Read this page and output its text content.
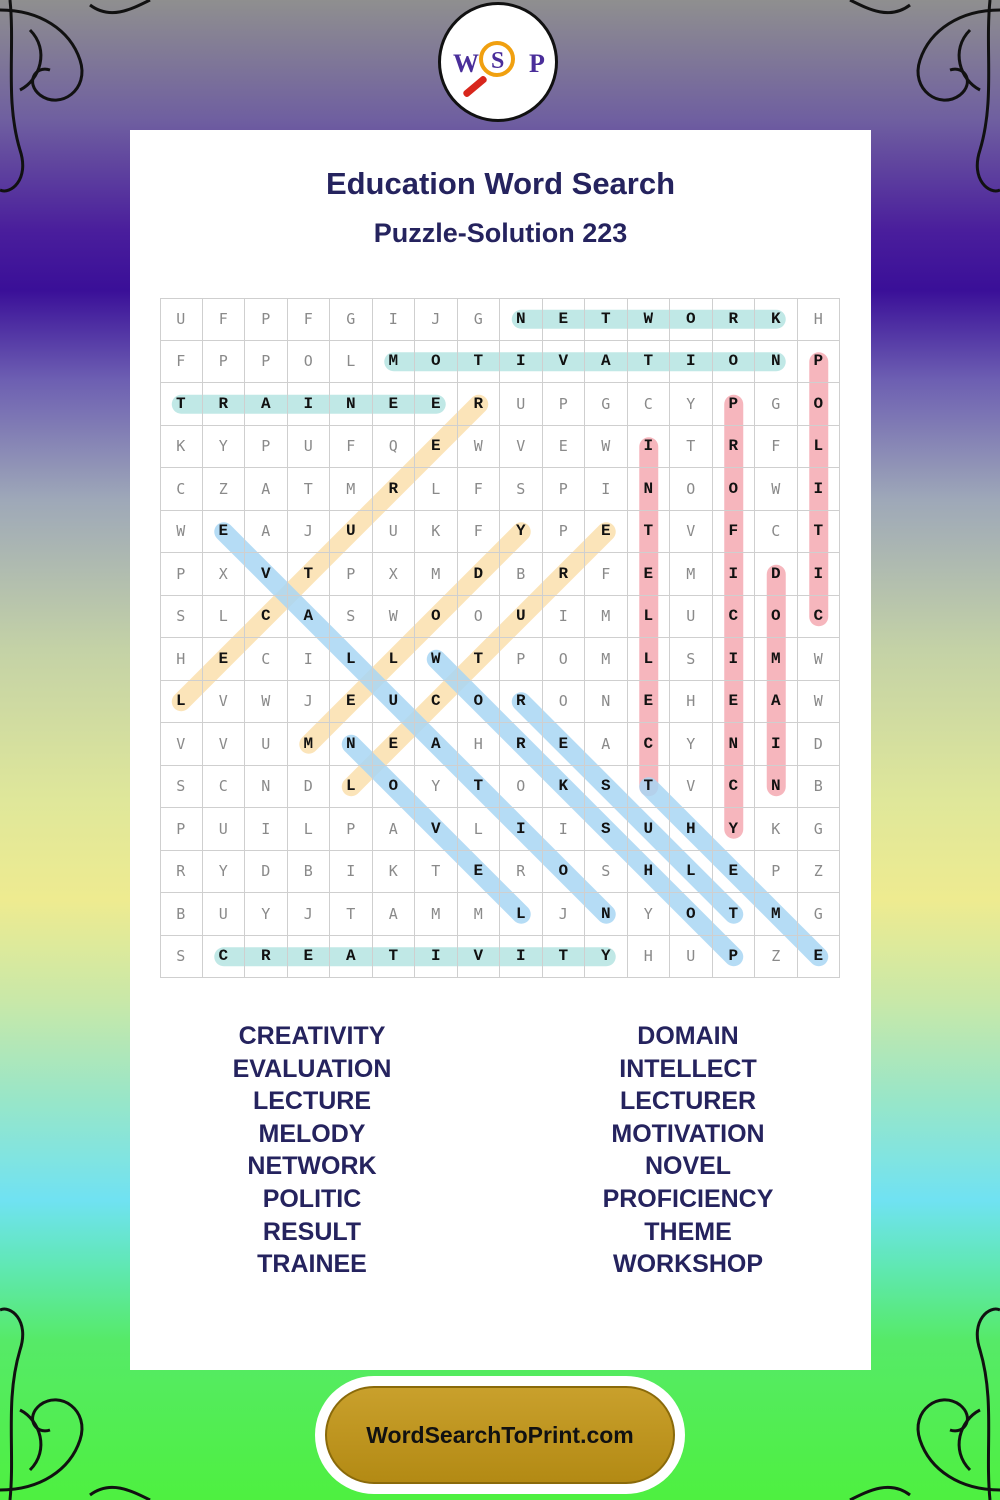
W S P
Education Word Search
Puzzle-Solution 223
U	F	P	F	G	I	J	G	N	E	T	W	O	R	K	H
F	P	P	O	L	M	O	T	I	V	A	T	I	O	N	P
T	R	A	I	N	E	E	R	U	P	G	C	Y	P	G	O
K	Y	P	U	F	Q	E	W	V	E	W	I	T	R	F	L
C	Z	A	T	M	R	L	F	S	P	I	N	O	O	W	I
W	E	A	J	U	U	K	F	Y	P	E	T	V	F	C	T
P	X	V	T	P	X	M	D	B	R	F	E	M	I	D	I
S	L	C	A	S	W	O	O	U	I	M	L	U	C	O	C
H	E	C	I	L	L	W	T	P	O	M	L	S	I	M	W
L	V	W	J	E	U	C	O	R	O	N	E	H	E	A	W
V	V	U	M	N	E	A	H	R	E	A	C	Y	N	I	D
S	C	N	D	L	O	Y	T	O	K	S	T	V	C	N	B
P	U	I	L	P	A	V	L	I	I	S	U	H	Y	K	G
R	Y	D	B	I	K	T	E	R	O	S	H	L	E	P	Z
B	U	Y	J	T	A	M	M	L	J	N	Y	O	T	M	G
S	C	R	E	A	T	I	V	I	T	Y	H	U	P	Z	E
CREATIVITY
EVALUATION
LECTURE
MELODY
NETWORK
POLITIC
RESULT
TRAINEE
DOMAIN
INTELLECT
LECTURER
MOTIVATION
NOVEL
PROFICIENCY
THEME
WORKSHOP
WordSearchToPrint.com
